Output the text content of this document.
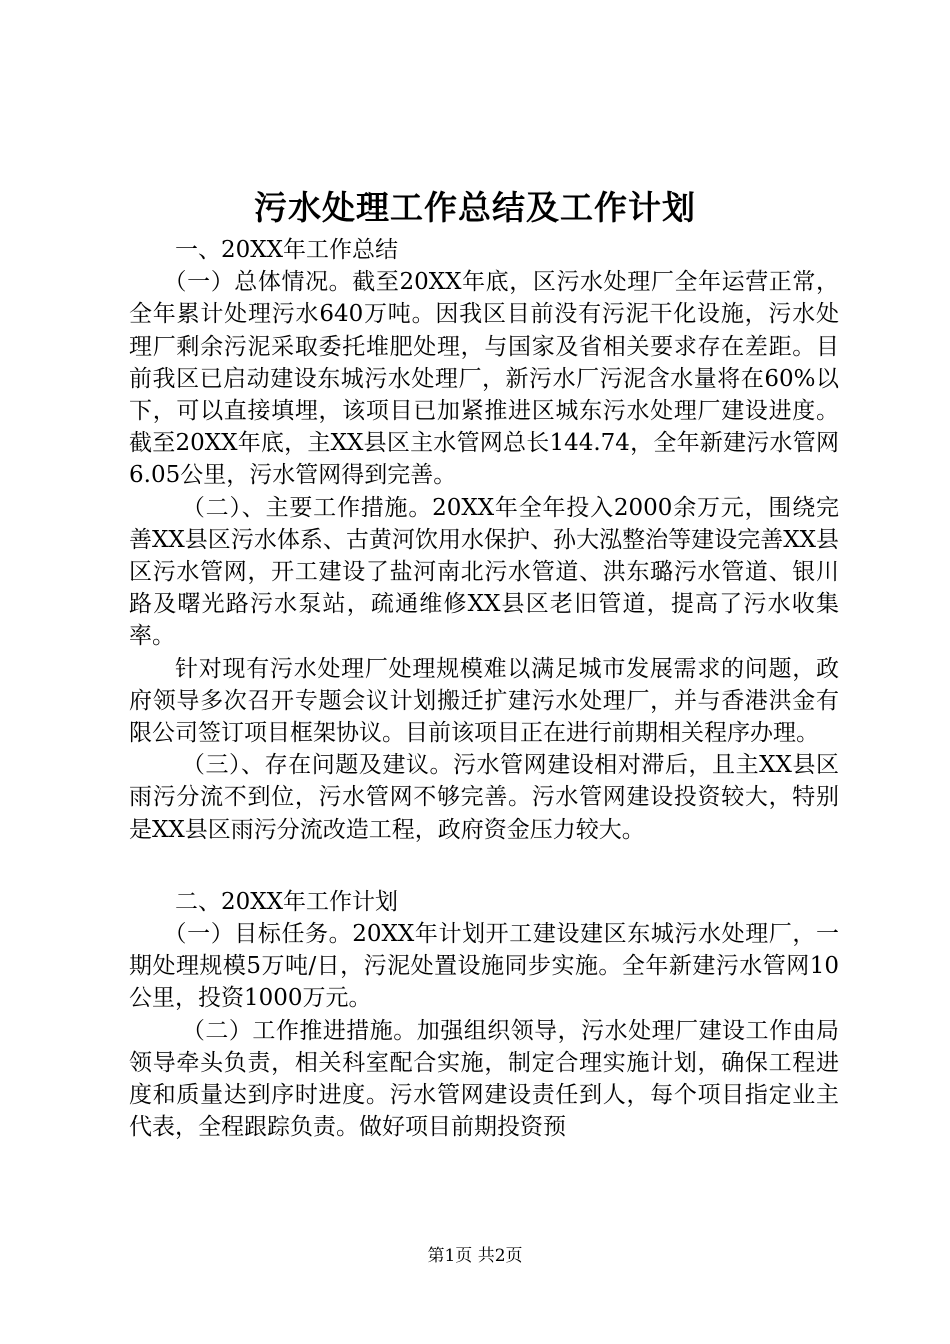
污水处理工作总结及工作计划

一、20XX年工作总结

（一）总体情况。截至20XX年底，区污水处理厂全年运营正常，全年累计处理污水640万吨。因我区目前没有污泥干化设施，污水处理厂剩余污泥采取委托堆肥处理，与国家及省相关要求存在差距。目前我区已启动建设东城污水处理厂，新污水厂污泥含水量将在60%以下，可以直接填埋，该项目已加紧推进区城东污水处理厂建设进度。截至20XX年底，主XX县区主水管网总长144.74，全年新建污水管网6.05公里，污水管网得到完善。

（二）、主要工作措施。20XX年全年投入2000余万元，围绕完善XX县区污水体系、古黄河饮用水保护、孙大泓整治等建设完善XX县区污水管网，开工建设了盐河南北污水管道、洪东璐污水管道、银川路及曙光路污水泵站，疏通维修XX县区老旧管道，提高了污水收集率。

针对现有污水处理厂处理规模难以满足城市发展需求的问题，政府领导多次召开专题会议计划搬迁扩建污水处理厂，并与香港洪金有限公司签订项目框架协议。目前该项目正在进行前期相关程序办理。

（三）、存在问题及建议。污水管网建设相对滞后，且主XX县区雨污分流不到位，污水管网不够完善。污水管网建设投资较大，特别是XX县区雨污分流改造工程，政府资金压力较大。

二、20XX年工作计划

（一）目标任务。20XX年计划开工建设建区东城污水处理厂，一期处理规模5万吨/日，污泥处置设施同步实施。全年新建污水管网10公里，投资1000万元。

（二）工作推进措施。加强组织领导，污水处理厂建设工作由局领导牵头负责，相关科室配合实施，制定合理实施计划，确保工程进度和质量达到序时进度。污水管网建设责任到人，每个项目指定业主代表，全程跟踪负责。做好项目前期投资预

第1页 共2页
